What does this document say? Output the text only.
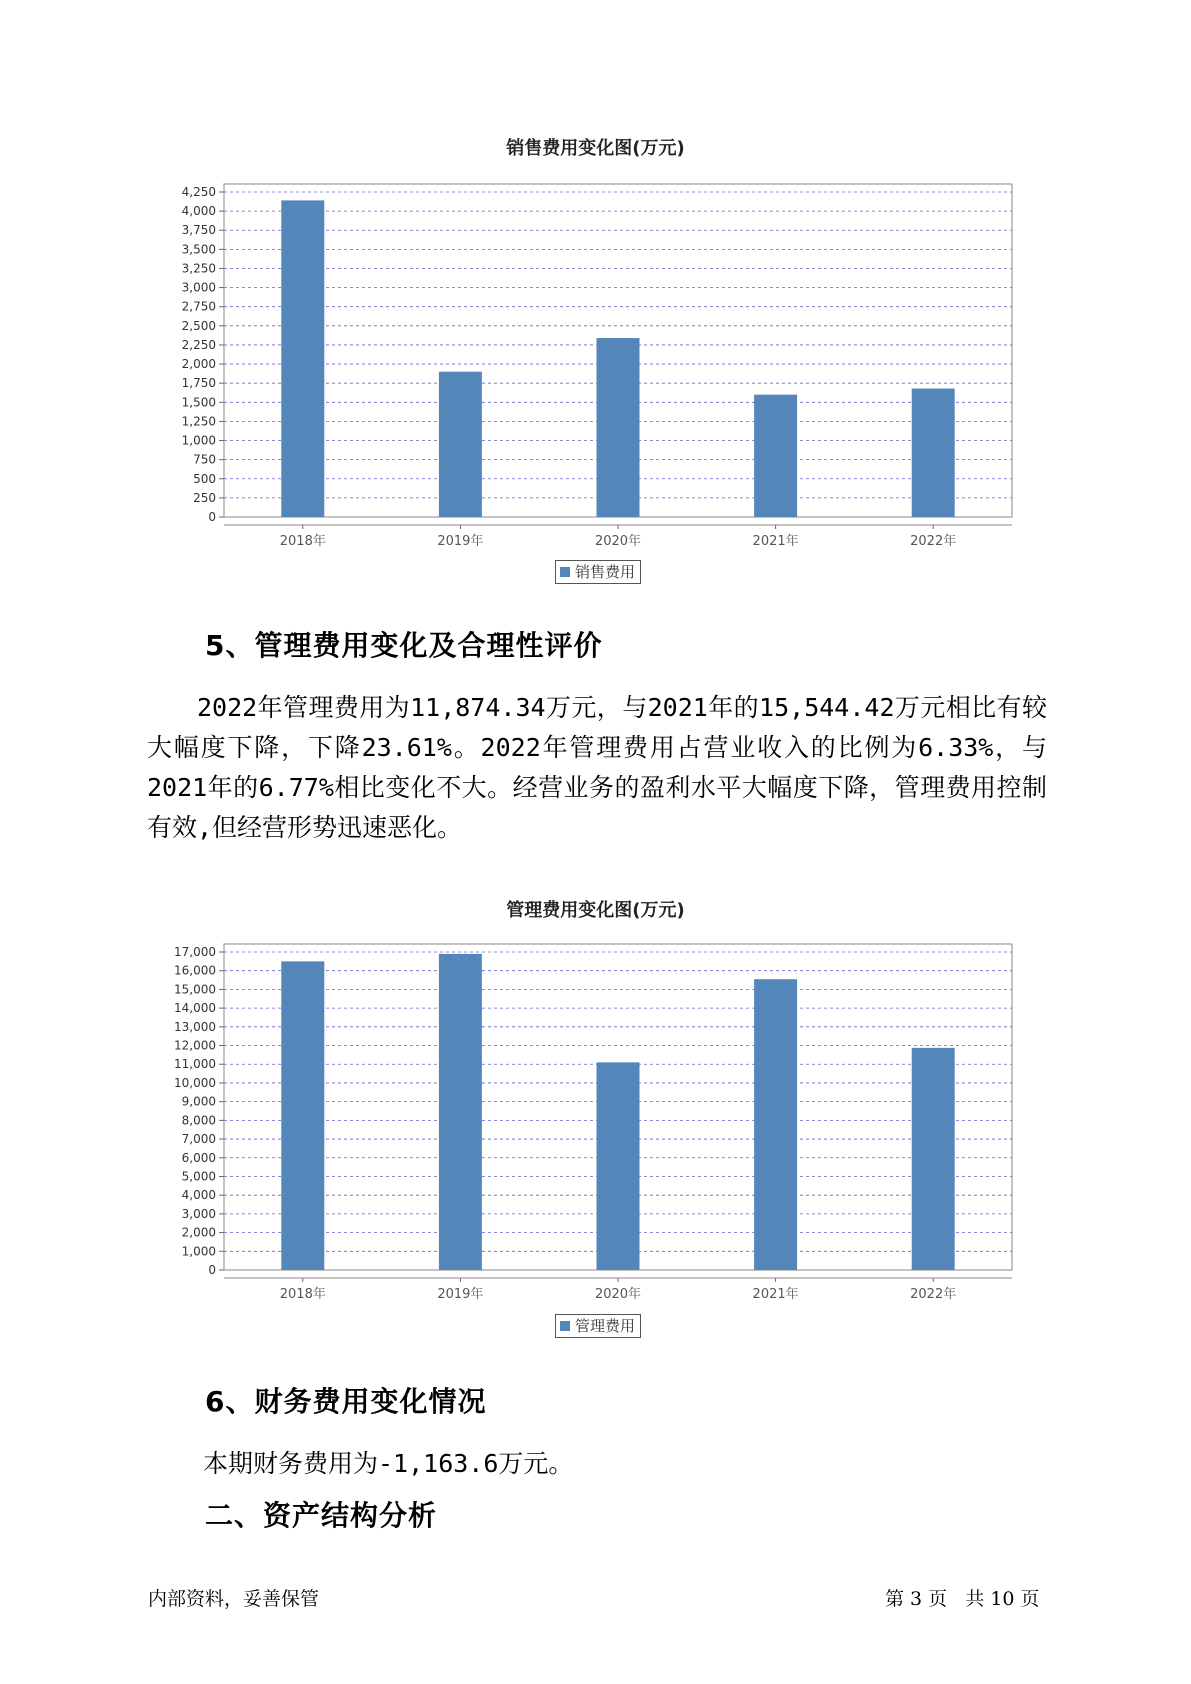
销售费用变化图(万元)
0
250
500
750
1,000
1,250
1,500
1,750
2,000
2,250
2,500
2,750
3,000
3,250
3,500
3,750
4,000
4,250
2018年	2019年	2020年	2021年	2022年
销售费用
5、管理费用变化及合理性评价
2022年管理费用为11,874.34万元，与2021年的15,544.42万元相比有较大幅度下降，下降23.61%。2022年管理费用占营业收入的比例为6.33%，与2021年的6.77%相比变化不大。经营业务的盈利水平大幅度下降，管理费用控制有效,但经营形势迅速恶化。
管理费用变化图(万元)
0
1,000
2,000
3,000
4,000
5,000
6,000
7,000
8,000
9,000
10,000
11,000
12,000
13,000
14,000
15,000
16,000
17,000
2018年	2019年	2020年	2021年	2022年
管理费用
6、财务费用变化情况
本期财务费用为-1,163.6万元。
二、资产结构分析
内部资料，妥善保管	第 3 页   共 10 页
